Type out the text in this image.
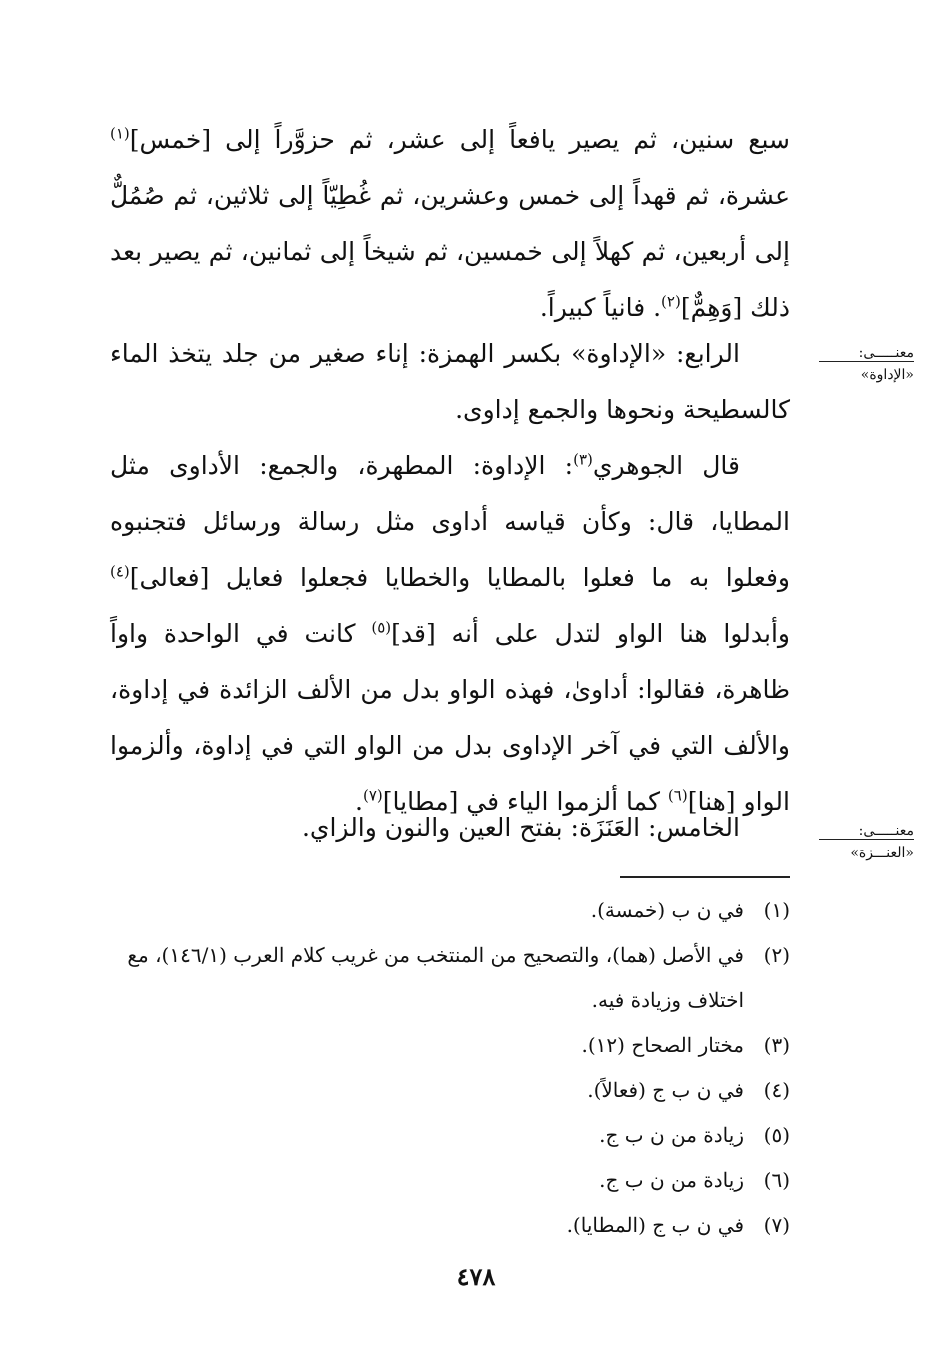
سبع سنين، ثم يصير يافعاً إلى عشر، ثم حزوَّراً إلى [خمس]$^{(١)}$ عشرة، ثم قهداً إلى خمس وعشرين، ثم غُطِيّاً إلى ثلاثين، ثم صُمُلٌّ إلى أربعين، ثم كهلاً إلى خمسين، ثم شيخاً إلى ثمانين، ثم يصير بعد ذلك [وَهِمٌّ]$^{(٢)}$. فانياً كبيراً.

الرابع: «الإداوة» بكسر الهمزة: إناء صغير من جلد يتخذ الماء كالسطيحة ونحوها والجمع إداوى.

معنـــــى:
«الإداوة»

قال الجوهري$^{(٣)}$: الإداوة: المطهرة، والجمع: الأداوى مثل المطايا، قال: وكأن قياسه أداوى مثل رسالة ورسائل فتجنبوه وفعلوا به ما فعلوا بالمطايا والخطايا فجعلوا فعايل [فعالى]$^{(٤)}$ وأبدلوا هنا الواو لتدل على أنه [قد]$^{(٥)}$ كانت في الواحدة واواً ظاهرة، فقالوا: أداوىٰ، فهذه الواو بدل من الألف الزائدة في إداوة، والألف التي في آخر الإداوى بدل من الواو التي في إداوة، وألزموا الواو [هنا]$^{(٦)}$ كما ألزموا الياء في [مطايا]$^{(٧)}$.

الخامس: العَنَزَة: بفتح العين والنون والزاي.	معنـــــى:
«العنـــزة»
(١)
في ن ب (خمسة).
(٢)
في الأصل (هما)، والتصحيح من المنتخب من غريب كلام العرب (١٤٦/١)، مع اختلاف وزيادة فيه.
(٣)
مختار الصحاح (١٢).
(٤)
في ن ب ج (فعالاً).
(٥)
زيادة من ن ب ج.
(٦)
زيادة من ن ب ج.
(٧)
في ن ب ج (المطايا).
٤٧٨
